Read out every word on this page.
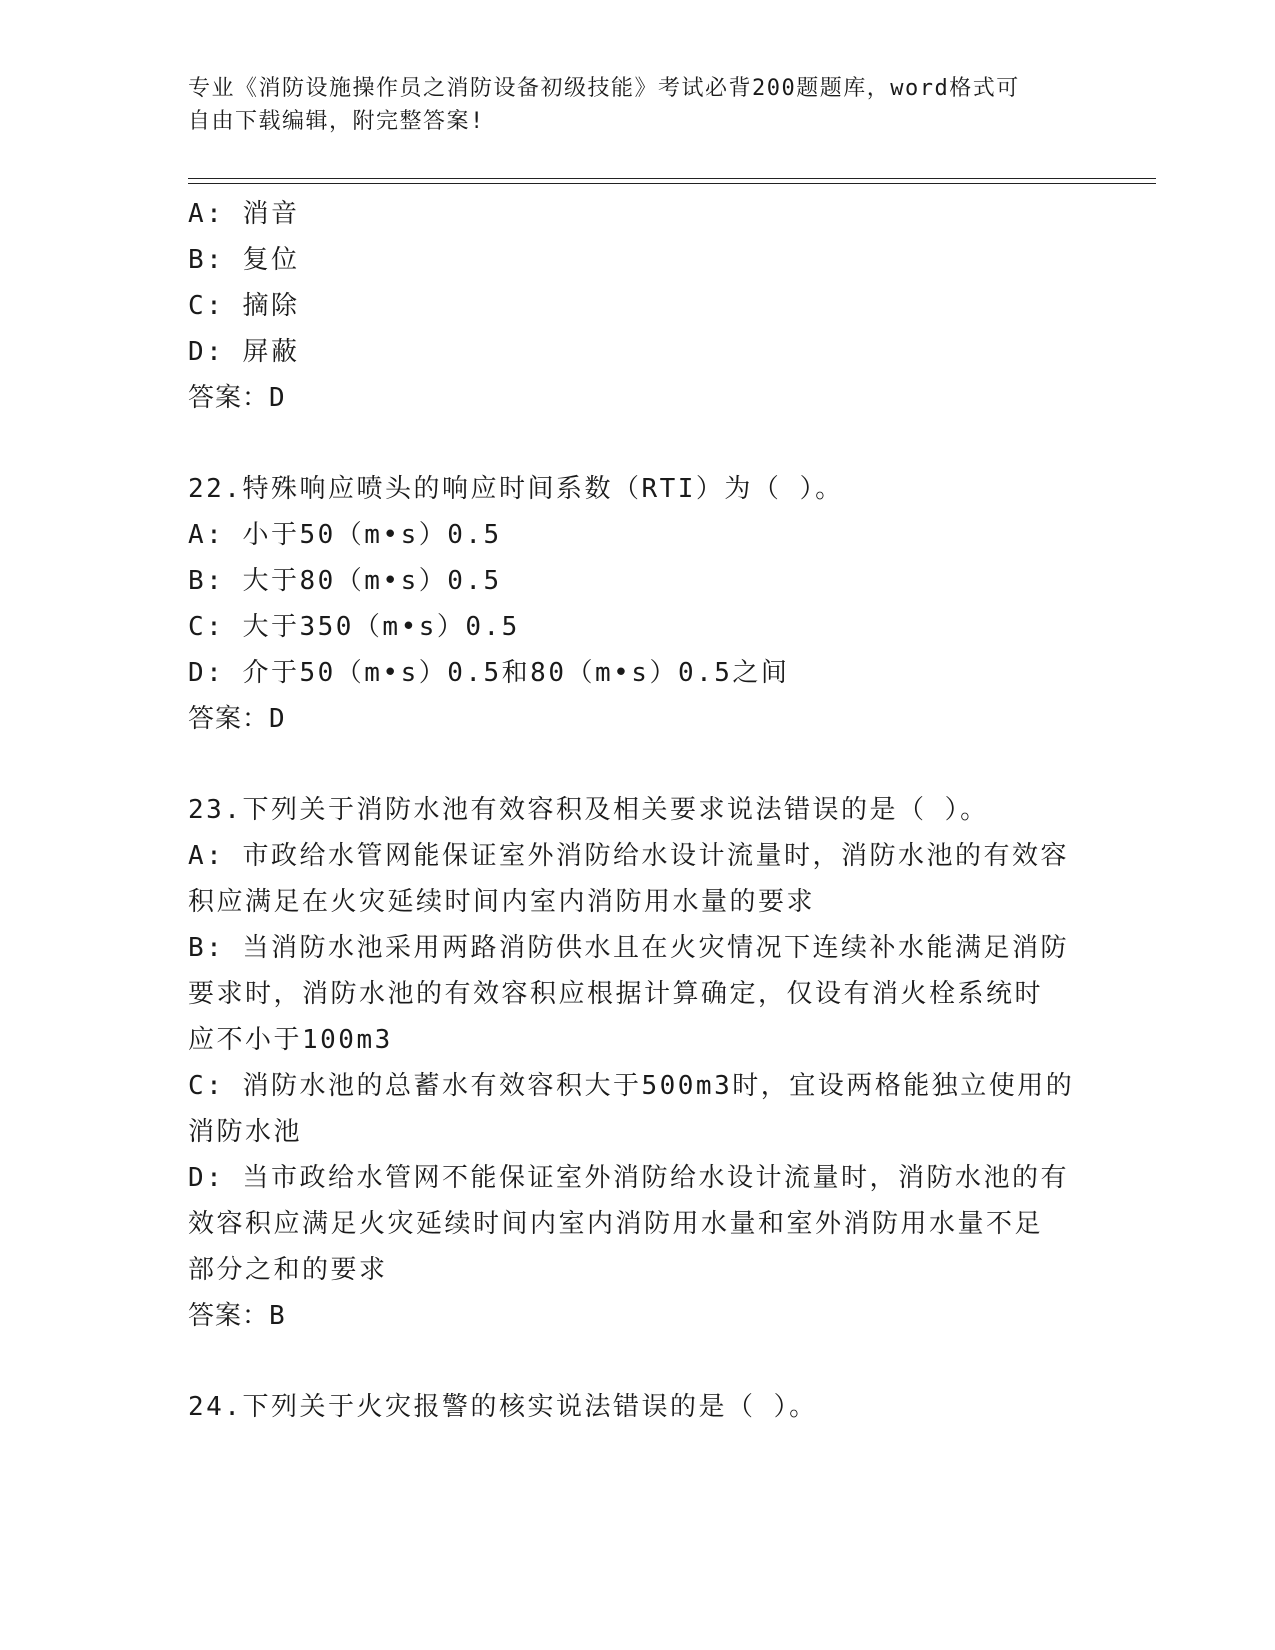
专业《消防设施操作员之消防设备初级技能》考试必背200题题库，word格式可
自由下载编辑，附完整答案!
A: 消音
B: 复位
C: 摘除
D: 屏蔽
答案：D
22.特殊响应喷头的响应时间系数（RTI）为（ ）。
A: 小于50（m•s）0.5
B: 大于80（m•s）0.5
C: 大于350（m•s）0.5
D: 介于50（m•s）0.5和80（m•s）0.5之间
答案：D
23.下列关于消防水池有效容积及相关要求说法错误的是（ ）。
A: 市政给水管网能保证室外消防给水设计流量时，消防水池的有效容
积应满足在火灾延续时间内室内消防用水量的要求
B: 当消防水池采用两路消防供水且在火灾情况下连续补水能满足消防
要求时，消防水池的有效容积应根据计算确定，仅设有消火栓系统时
应不小于100m3
C: 消防水池的总蓄水有效容积大于500m3时，宜设两格能独立使用的
消防水池
D: 当市政给水管网不能保证室外消防给水设计流量时，消防水池的有
效容积应满足火灾延续时间内室内消防用水量和室外消防用水量不足
部分之和的要求
答案：B
24.下列关于火灾报警的核实说法错误的是（ ）。
